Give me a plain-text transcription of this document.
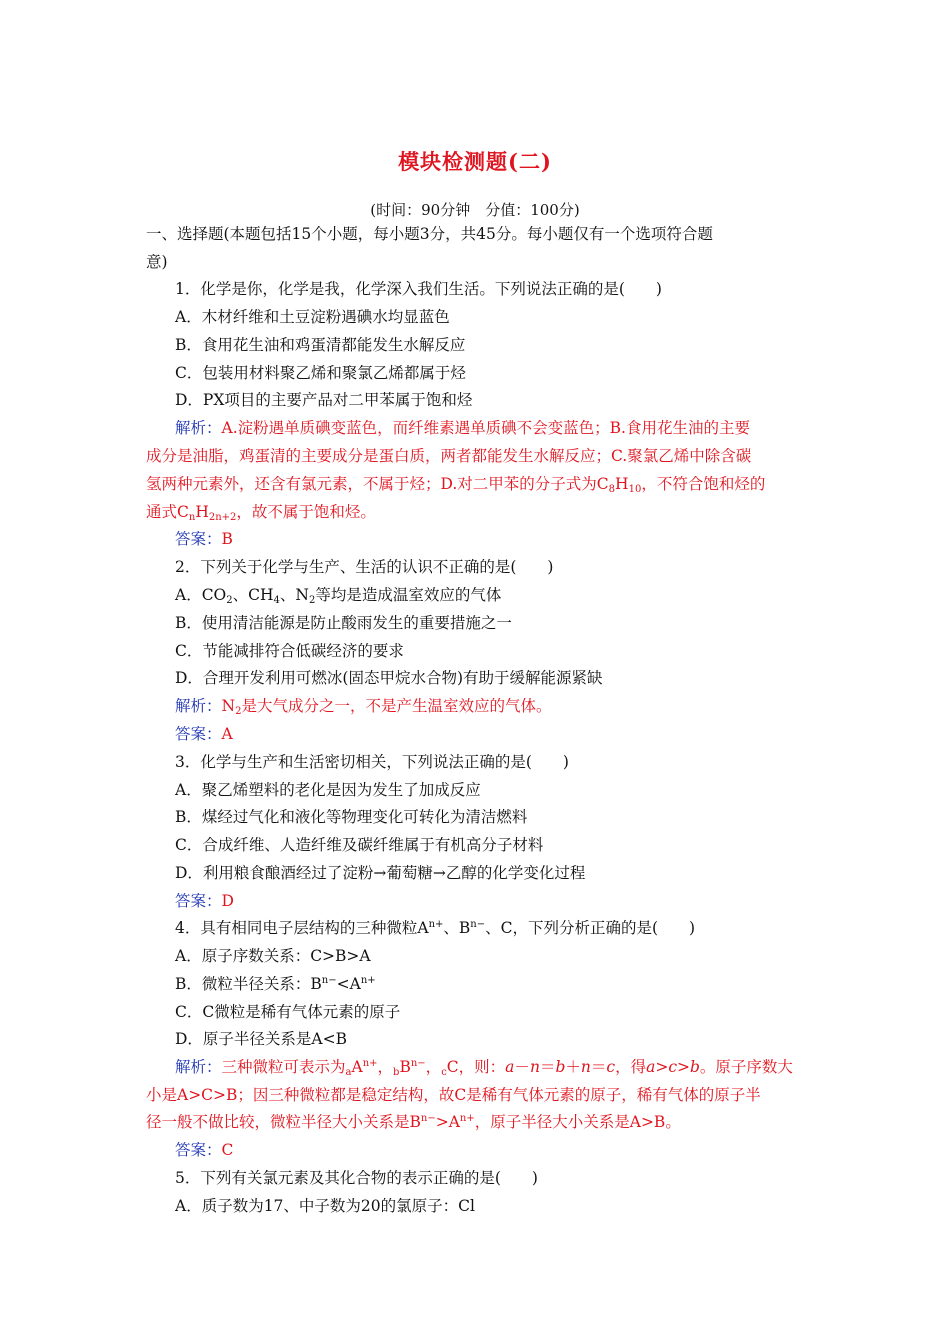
模块检测题(二)
(时间：90分钟　分值：100分)
一、选择题(本题包括15个小题，每小题3分，共45分。每小题仅有一个选项符合题
意)
1．化学是你，化学是我，化学深入我们生活。下列说法正确的是(　　)
A．木材纤维和土豆淀粉遇碘水均显蓝色
B．食用花生油和鸡蛋清都能发生水解反应
C．包装用材料聚乙烯和聚氯乙烯都属于烃
D．PX项目的主要产品对二甲苯属于饱和烃
解析：A.淀粉遇单质碘变蓝色，而纤维素遇单质碘不会变蓝色；B.食用花生油的主要
成分是油脂，鸡蛋清的主要成分是蛋白质，两者都能发生水解反应；C.聚氯乙烯中除含碳
氢两种元素外，还含有氯元素，不属于烃；D.对二甲苯的分子式为$C_8H_{10}$，不符合饱和烃的
通式$C_nH_{2n+2}$，故不属于饱和烃。
答案：B
2．下列关于化学与生产、生活的认识不正确的是(　　)
A．$CO_2$、$CH_4$、$N_2$等均是造成温室效应的气体
B．使用清洁能源是防止酸雨发生的重要措施之一
C．节能减排符合低碳经济的要求
D．合理开发利用可燃冰(固态甲烷水合物)有助于缓解能源紧缺
解析：$N_2$是大气成分之一，不是产生温室效应的气体。
答案：A
3．化学与生产和生活密切相关，下列说法正确的是(　　)
A．聚乙烯塑料的老化是因为发生了加成反应
B．煤经过气化和液化等物理变化可转化为清洁燃料
C．合成纤维、人造纤维及碳纤维属于有机高分子材料
D．利用粮食酿酒经过了淀粉→葡萄糖→乙醇的化学变化过程
答案：D
4．具有相同电子层结构的三种微粒$A^{n+}$、$B^{n-}$、C，下列分析正确的是(　　)
A．原子序数关系：C>B>A
B．微粒半径关系：$B^{n-}<A^{n+}$
C．C微粒是稀有气体元素的原子
D．原子半径关系是A<B
解析：三种微粒可表示为$_aA^{n+}$，$_bB^{n-}$，$_c$C，则：a－n＝b＋n＝c，得a>c>b。原子序数大
小是A>C>B；因三种微粒都是稳定结构，故C是稀有气体元素的原子，稀有气体的原子半
径一般不做比较，微粒半径大小关系是$B^{n-}>A^{n+}$，原子半径大小关系是A>B。
答案：C
5．下列有关氯元素及其化合物的表示正确的是(　　)
A．质子数为17、中子数为20的氯原子：Cl
